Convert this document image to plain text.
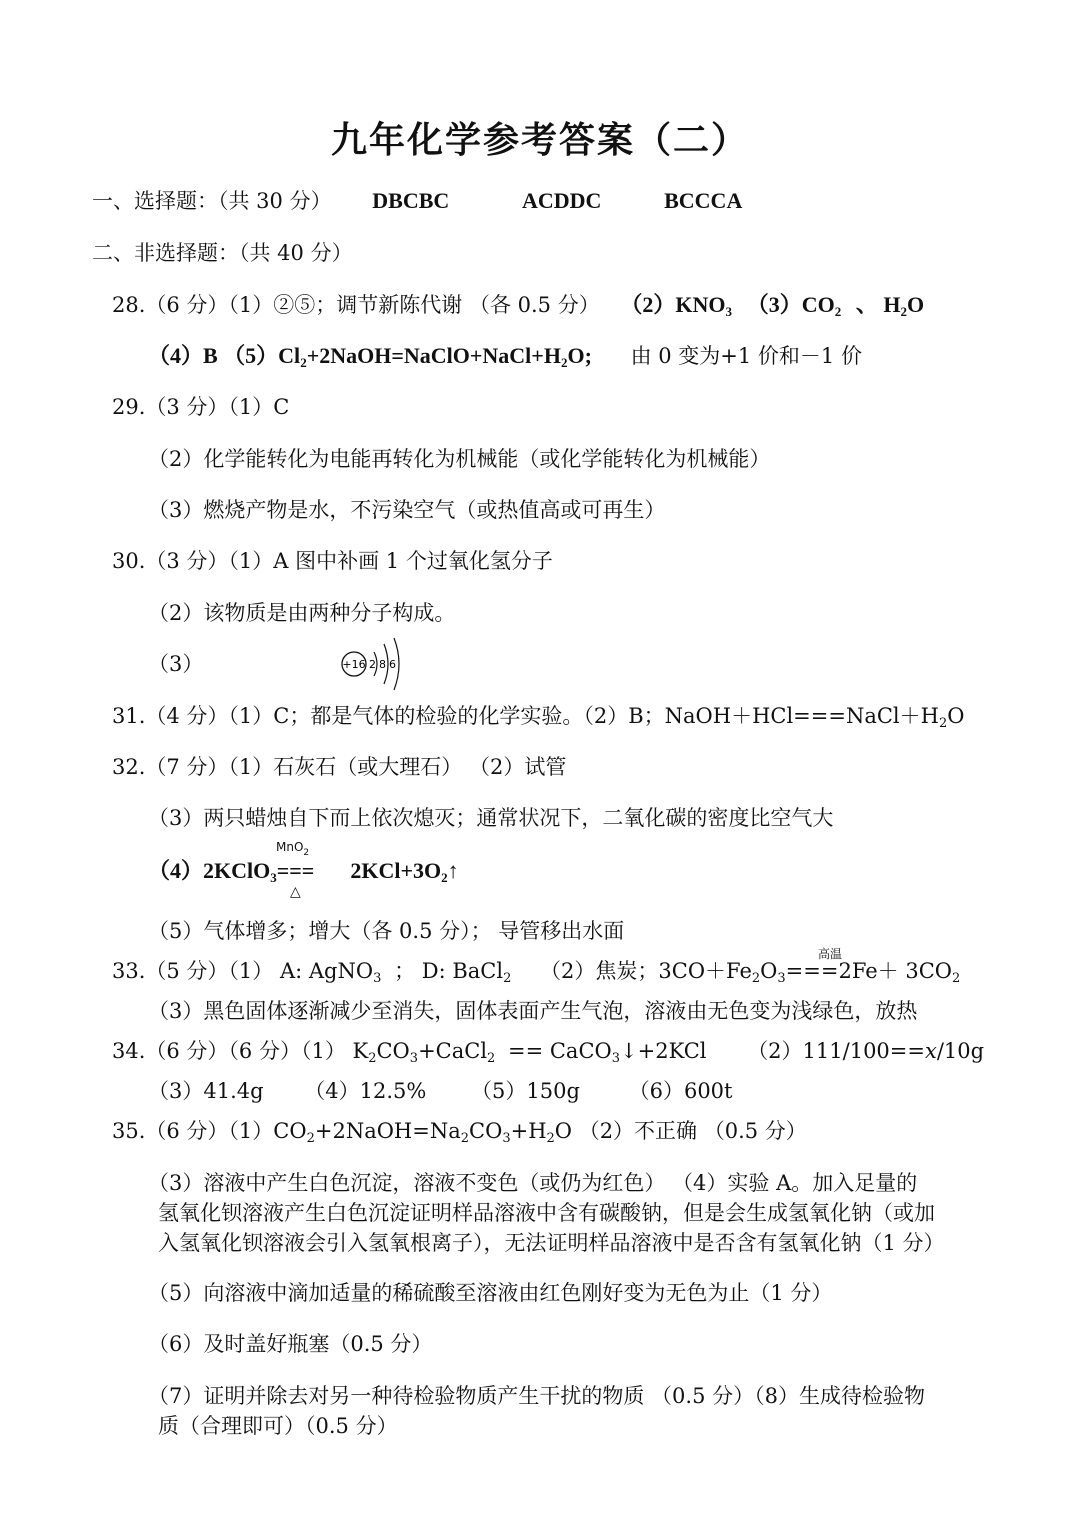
九年化学参考答案（二）
一、选择题：（共 30 分） DBCBC	ACDDC	BCCCA
二、非选择题：（共 40 分）
28.（6 分）（1）②⑤；调节新陈代谢 （各 0.5 分） $(2)KNO_3$ $(3)CO_2$ 、 $H_2O$
（4）B $(5)Cl_2+2NaOH=NaClO+NaCl+H_2O$; 由 0 变为+1 价和－1 价
29.（3 分）（1）C
（2）化学能转化为电能再转化为机械能（或化学能转化为机械能）
（3）燃烧产物是水，不污染空气（或热值高或可再生）
30.（3 分）（1）A 图中补画 1 个过氧化氢分子
（2）该物质是由两种分子构成。
（3）	+16 286
31.（4 分）（1）C；都是气体的检验的化学实验。（2）B；$NaOH+HCl===NaCl+H_2O$
32.（7 分）（1）石灰石（或大理石） （2）试管
（3）两只蜡烛自下而上依次熄灭；通常状况下，二氧化碳的密度比空气大
MnO$_2$
（4）2KClO$_3$=== $2KCl+3O_2↑$
△
（5）气体增多；增大（各 0.5 分）； 导管移出水面
高温
33.（5 分）（1） A: AgNO$_3$ ； D: BaCl$_2$ （2）焦炭；$3CO+Fe_2O_3===2Fe+ 3CO_2$
（3）黑色固体逐渐减少至消失，固体表面产生气泡，溶液由无色变为浅绿色，放热
34.（6 分）（6 分）（1） $K_2CO_3+CaCl_2$ == CaCO$_3$↓+2KCl （2）111/100==x/10g
（3）41.4g （4）12.5% （5）150g （6）600t
35.（6 分）$(1)CO_2+2NaOH=Na_2CO_3+H_2O$ （2）不正确 （0.5 分）
（3）溶液中产生白色沉淀，溶液不变色（或仍为红色） （4）实验 A。加入足量的
氢氧化钡溶液产生白色沉淀证明样品溶液中含有碳酸钠，但是会生成氢氧化钠（或加
入氢氧化钡溶液会引入氢氧根离子），无法证明样品溶液中是否含有氢氧化钠（1 分）
（5）向溶液中滴加适量的稀硫酸至溶液由红色刚好变为无色为止（1 分）
（6）及时盖好瓶塞（0.5 分）
（7）证明并除去对另一种待检验物质产生干扰的物质 （0.5 分）（8）生成待检验物
质（合理即可）（0.5 分）
